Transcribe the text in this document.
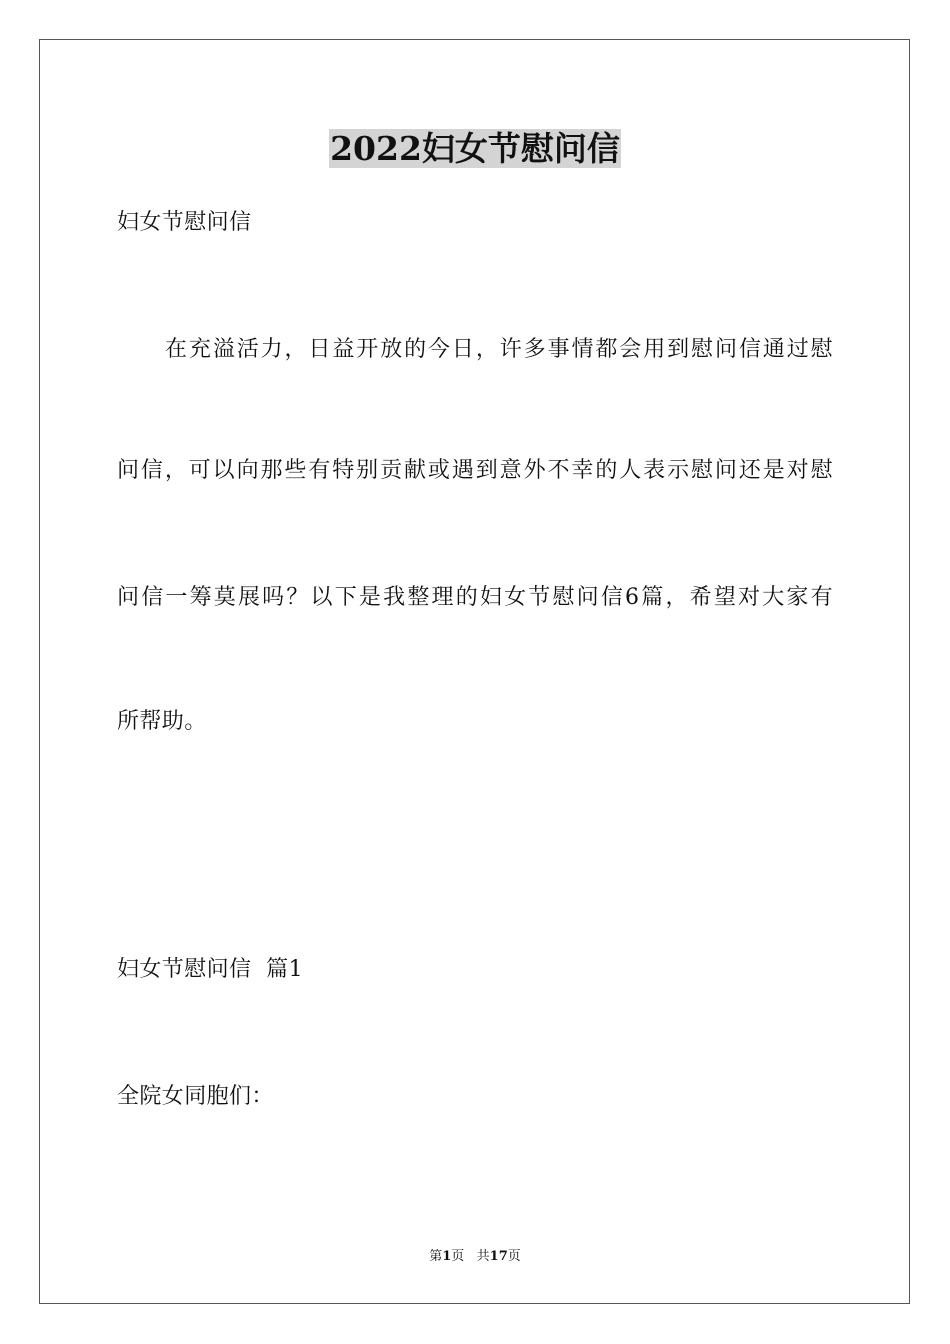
2022妇女节慰问信
妇女节慰问信
在充溢活力，日益开放的今日，许多事情都会用到慰问信通过慰
问信，可以向那些有特别贡献或遇到意外不幸的人表示慰问还是对慰
问信一筹莫展吗？以下是我整理的妇女节慰问信6篇，希望对大家有
所帮助。
妇女节慰问信  篇1
全院女同胞们：
第1页   共17页
